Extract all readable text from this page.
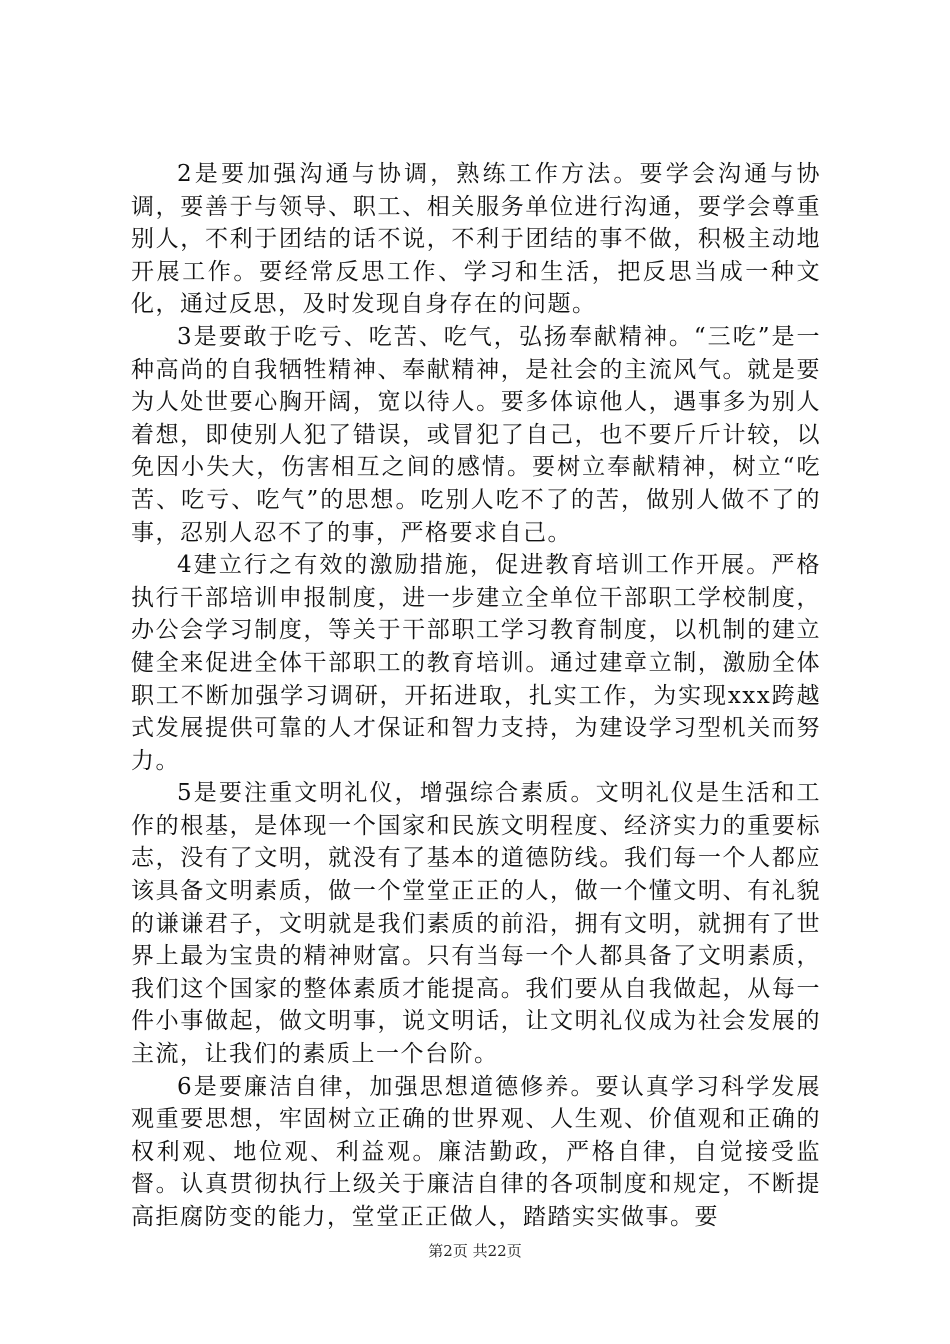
2是要加强沟通与协调，熟练工作方法。要学会沟通与协调，要善于与领导、职工、相关服务单位进行沟通，要学会尊重别人，不利于团结的话不说，不利于团结的事不做，积极主动地开展工作。要经常反思工作、学习和生活，把反思当成一种文化，通过反思，及时发现自身存在的问题。

3是要敢于吃亏、吃苦、吃气，弘扬奉献精神。“三吃”是一种高尚的自我牺牲精神、奉献精神，是社会的主流风气。就是要为人处世要心胸开阔，宽以待人。要多体谅他人，遇事多为别人着想，即使别人犯了错误，或冒犯了自己，也不要斤斤计较，以免因小失大，伤害相互之间的感情。要树立奉献精神，树立“吃苦、吃亏、吃气”的思想。吃别人吃不了的苦，做别人做不了的事，忍别人忍不了的事，严格要求自己。

4建立行之有效的激励措施，促进教育培训工作开展。严格执行干部培训申报制度，进一步建立全单位干部职工学校制度，办公会学习制度，等关于干部职工学习教育制度，以机制的建立健全来促进全体干部职工的教育培训。通过建章立制，激励全体职工不断加强学习调研，开拓进取，扎实工作，为实现xxx跨越式发展提供可靠的人才保证和智力支持，为建设学习型机关而努力。

5是要注重文明礼仪，增强综合素质。文明礼仪是生活和工作的根基，是体现一个国家和民族文明程度、经济实力的重要标志，没有了文明，就没有了基本的道德防线。我们每一个人都应该具备文明素质，做一个堂堂正正的人，做一个懂文明、有礼貌的谦谦君子，文明就是我们素质的前沿，拥有文明，就拥有了世界上最为宝贵的精神财富。只有当每一个人都具备了文明素质，我们这个国家的整体素质才能提高。我们要从自我做起，从每一件小事做起，做文明事，说文明话，让文明礼仪成为社会发展的主流，让我们的素质上一个台阶。

6是要廉洁自律，加强思想道德修养。要认真学习科学发展观重要思想，牢固树立正确的世界观、人生观、价值观和正确的权利观、地位观、利益观。廉洁勤政，严格自律，自觉接受监督。认真贯彻执行上级关于廉洁自律的各项制度和规定，不断提高拒腐防变的能力，堂堂正正做人，踏踏实实做事。要

第2页 共22页
